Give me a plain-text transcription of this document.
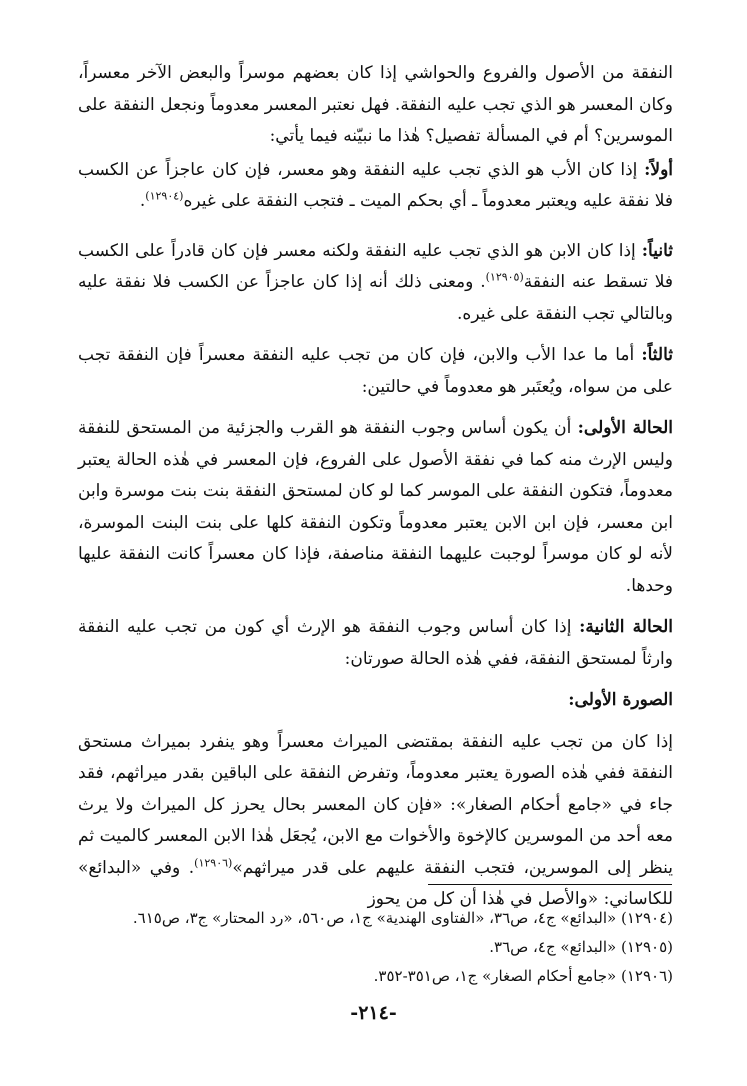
النفقة من الأصول والفروع والحواشي إذا كان بعضهم موسراً والبعض الآخر معسراً، وكان المعسر هو الذي تجب عليه النفقة. فهل نعتبر المعسر معدوماً ونجعل النفقة على الموسرين؟ أم في المسألة تفصيل؟ هٰذا ما نبيّنه فيما يأتي:

أولاً: إذا كان الأب هو الذي تجب عليه النفقة وهو معسر، فإن كان عاجزاً عن الكسب فلا نفقة عليه ويعتبر معدوماً ـ أي بحكم الميت ـ فتجب النفقة على غيره$^{(١٢٩٠٤)}$.

ثانياً: إذا كان الابن هو الذي تجب عليه النفقة ولكنه معسر فإن كان قادراً على الكسب فلا تسقط عنه النفقة$^{(١٢٩٠٥)}$. ومعنى ذلك أنه إذا كان عاجزاً عن الكسب فلا نفقة عليه وبالتالي تجب النفقة على غيره.

ثالثاً: أما ما عدا الأب والابن، فإن كان من تجب عليه النفقة معسراً فإن النفقة تجب على من سواه، ويُعتَبر هو معدوماً في حالتين:

الحالة الأولى: أن يكون أساس وجوب النفقة هو القرب والجزئية من المستحق للنفقة وليس الإرث منه كما في نفقة الأصول على الفروع، فإن المعسر في هٰذه الحالة يعتبر معدوماً، فتكون النفقة على الموسر كما لو كان لمستحق النفقة بنت بنت موسرة وابن ابن معسر، فإن ابن الابن يعتبر معدوماً وتكون النفقة كلها على بنت البنت الموسرة، لأنه لو كان موسراً لوجبت عليهما النفقة مناصفة، فإذا كان معسراً كانت النفقة عليها وحدها.

الحالة الثانية: إذا كان أساس وجوب النفقة هو الإرث أي كون من تجب عليه النفقة وارثاً لمستحق النفقة، ففي هٰذه الحالة صورتان:

الصورة الأولى:

إذا كان من تجب عليه النفقة بمقتضى الميراث معسراً وهو ينفرد بميراث مستحق النفقة ففي هٰذه الصورة يعتبر معدوماً، وتفرض النفقة على الباقين بقدر ميراثهم، فقد جاء في «جامع أحكام الصغار»: «فإن كان المعسر بحال يحرز كل الميراث ولا يرث معه أحد من الموسرين كالإخوة والأخوات مع الابن، يُجعَل هٰذا الابن المعسر كالميت ثم ينظر إلى الموسرين، فتجب النفقة عليهم على قدر ميراثهم»$^{(١٢٩٠٦)}$. وفي «البدائع» للكاساني: «والأصل في هٰذا أن كل من يحوز

(١٢٩٠٤) «البدائع» ج٤، ص٣٦، «الفتاوى الهندية» ج١، ص٥٦٠، «رد المحتار» ج٣، ص٦١٥.

(١٢٩٠٥) «البدائع» ج٤، ص٣٦.

(١٢٩٠٦) «جامع أحكام الصغار» ج١، ص٣٥١-٣٥٢.

-٢١٤-
